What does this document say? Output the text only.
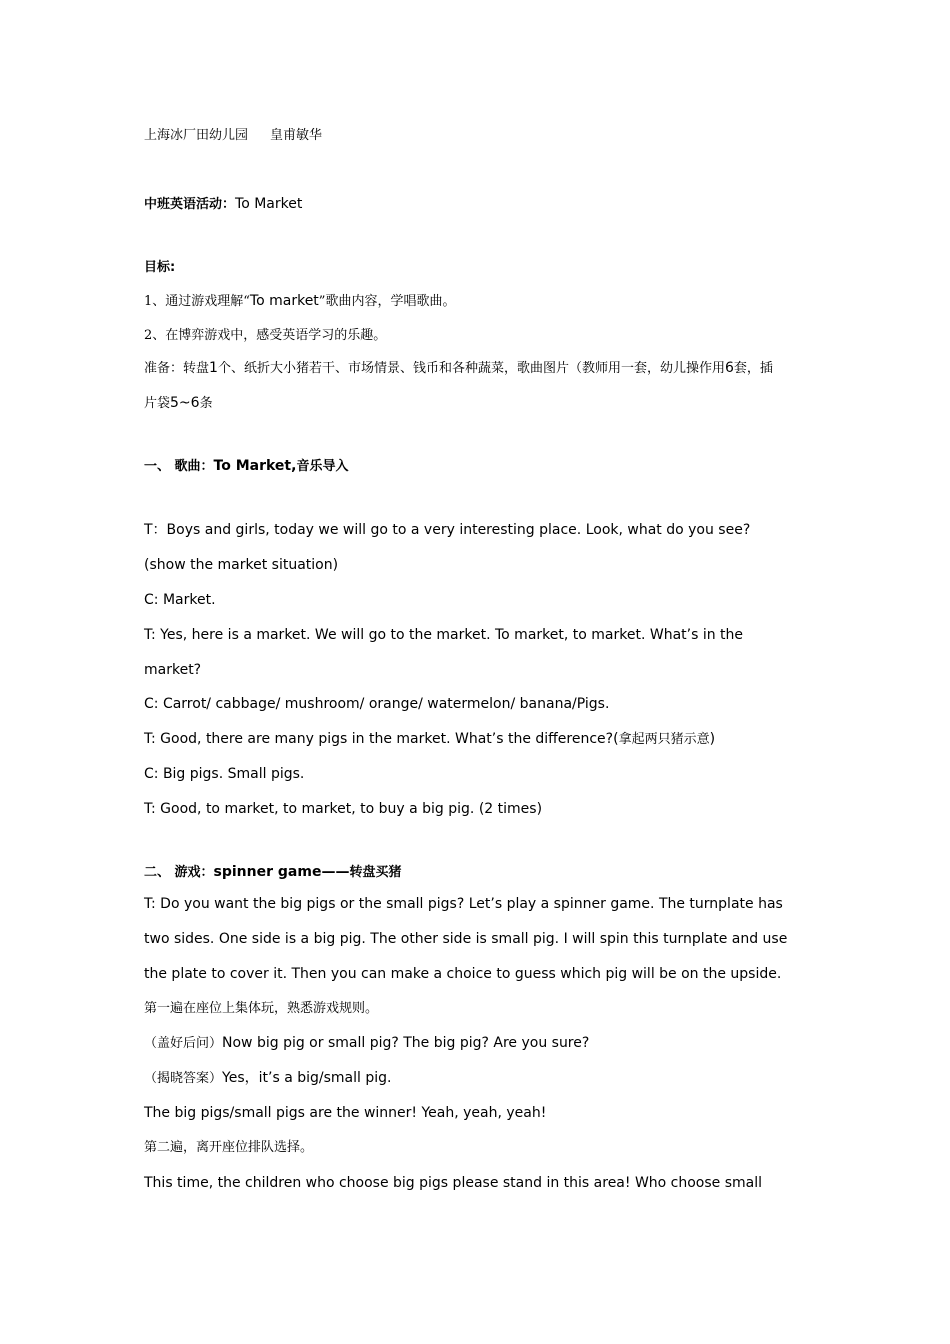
上海冰厂田幼儿园 皇甫敏华
中班英语活动：To Market
目标:
1、通过游戏理解“To market”歌曲内容，学唱歌曲。
2、在博弈游戏中，感受英语学习的乐趣。
准备：转盘1个、纸折大小猪若干、市场情景、钱币和各种蔬菜，歌曲图片（教师用一套，幼儿操作用6套，插
片袋5~6条
一、 歌曲：To Market,音乐导入
T：Boys and girls, today we will go to a very interesting place. Look, what do you see?
(show the market situation)
C: Market.
T: Yes, here is a market. We will go to the market. To market, to market. What’s in the
market?
C: Carrot/ cabbage/ mushroom/ orange/ watermelon/ banana/Pigs.
T: Good, there are many pigs in the market. What’s the difference?(拿起两只猪示意)
C: Big pigs. Small pigs.
T: Good, to market, to market, to buy a big pig. (2 times)
二、 游戏：spinner game——转盘买猪
T: Do you want the big pigs or the small pigs? Let’s play a spinner game. The turnplate has
two sides. One side is a big pig. The other side is small pig. I will spin this turnplate and use
the plate to cover it. Then you can make a choice to guess which pig will be on the upside.
第一遍在座位上集体玩，熟悉游戏规则。
（盖好后问）Now big pig or small pig? The big pig? Are you sure?
（揭晓答案）Yes，it’s a big/small pig.
The big pigs/small pigs are the winner! Yeah, yeah, yeah!
第二遍，离开座位排队选择。
This time, the children who choose big pigs please stand in this area! Who choose small
